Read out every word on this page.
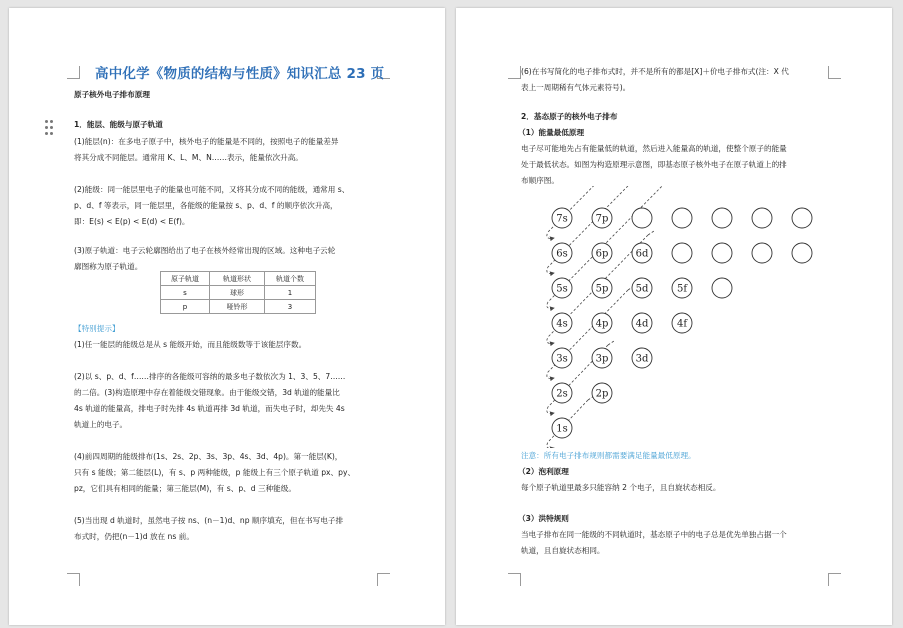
高中化学《物质的结构与性质》知识汇总 23 页
原子核外电子排布原理
1．能层、能级与原子轨道
(1)能层(n)：在多电子原子中，核外电子的能量是不同的，按照电子的能量差异
将其分成不同能层。通常用 K、L、M、N……表示，能量依次升高。
(2)能级：同一能层里电子的能量也可能不同，又将其分成不同的能级，通常用 s、
p、d、f 等表示，同一能层里，各能级的能量按 s、p、d、f 的顺序依次升高，
即：E(s) < E(p) < E(d) < E(f)。
(3)原子轨道：电子云轮廓图给出了电子在核外经常出现的区域。这种电子云轮
廓图称为原子轨道。
原子轨道	轨道形状	轨道个数
s	球形	1
p	哑铃形	3
【特别提示】
(1)任一能层的能级总是从 s 能级开始，而且能级数等于该能层序数。
(2)以 s、p、d、f……排序的各能级可容纳的最多电子数依次为 1、3、5、7……
的二倍。(3)构造原理中存在着能级交错现象。由于能级交错，3d 轨道的能量比
4s 轨道的能量高，排电子时先排 4s 轨道再排 3d 轨道，而失电子时，却先失 4s
轨道上的电子。
(4)前四周期的能级排布(1s、2s、2p、3s、3p、4s、3d、4p)。第一能层(K)，
只有 s 能级；第二能层(L)，有 s、p 两种能级，p 能级上有三个原子轨道 px、py、
pz，它们具有相同的能量；第三能层(M)，有 s、p、d 三种能级。
(5)当出现 d 轨道时，虽然电子按 ns、(n－1)d、np 顺序填充，但在书写电子排
布式时，仍把(n－1)d 放在 ns 前。
(6)在书写简化的电子排布式时，并不是所有的都是[X]＋价电子排布式(注：X 代
表上一周期稀有气体元素符号)。
2．基态原子的核外电子排布
（1）能量最低原理
电子尽可能地先占有能量低的轨道，然后进入能量高的轨道，使整个原子的能量
处于最低状态。如图为构造原理示意图，即基态原子核外电子在原子轨道上的排
布顺序图。
7s	7p
6s	6p	6d
5s	5p	5d	5f
4s	4p	4d	4f
3s	3p	3d
2s	2p
1s
注意：所有电子排布规则都需要满足能量最低原理。
（2）泡利原理
每个原子轨道里最多只能容纳 2 个电子，且自旋状态相反。
（3）洪特规则
当电子排布在同一能级的不同轨道时，基态原子中的电子总是优先单独占据一个
轨道，且自旋状态相同。
